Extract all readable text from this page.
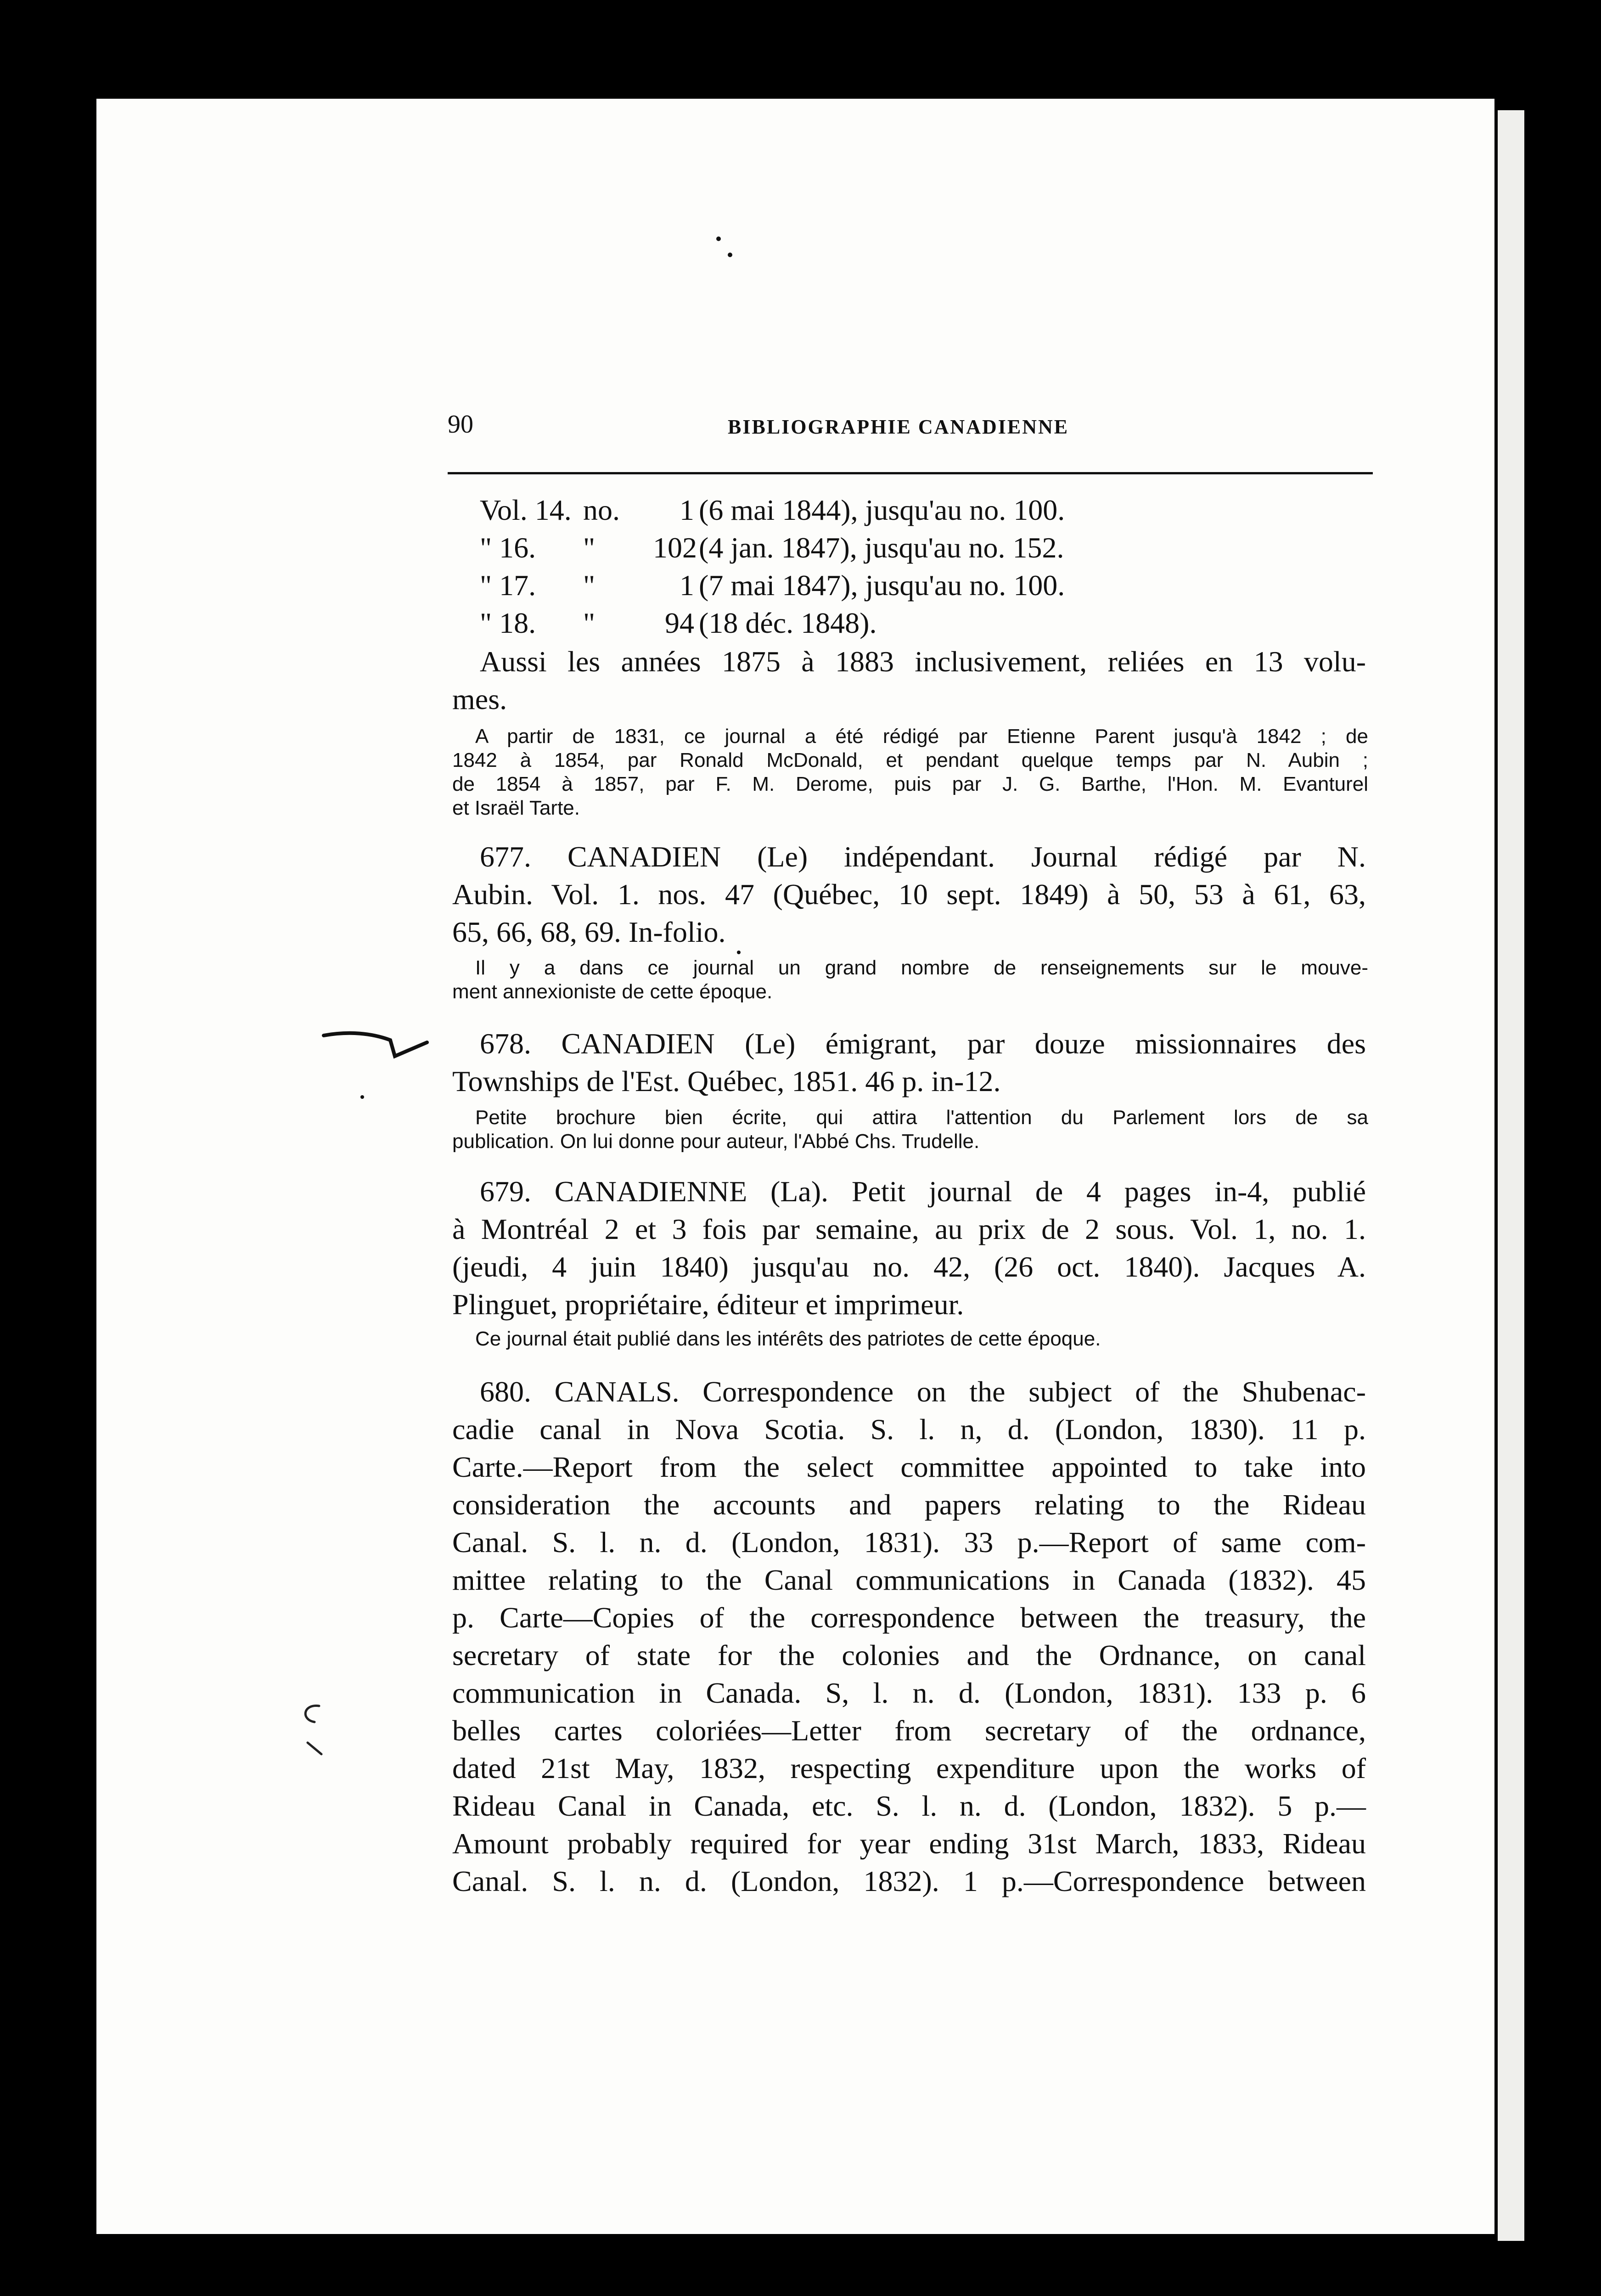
90	BIBLIOGRAPHIE CANADIENNE
Vol. 14. no.	1 (6 mai 1844), jusqu'au no. 100.
" 16. " 102 (4 jan. 1847), jusqu'au no. 152.
" 17. "	1 (7 mai 1847), jusqu'au no. 100.
" 18. "	94 (18 déc. 1848).
Aussi les années 1875 à 1883 inclusivement, reliées en 13 volu-
mes.
A partir de 1831, ce journal a été rédigé par Etienne Parent jusqu'à 1842 ; de
1842 à 1854, par Ronald McDonald, et pendant quelque temps par N. Aubin ;
de 1854 à 1857, par F. M. Derome, puis par J. G. Barthe, l'Hon. M. Evanturel
et Israël Tarte.
677. CANADIEN (Le) indépendant. Journal rédigé par N.
Aubin. Vol. 1. nos. 47 (Québec, 10 sept. 1849) à 50, 53 à 61, 63,
65, 66, 68, 69. In-folio.
Il y a dans ce journal un grand nombre de renseignements sur le mouve-
ment annexioniste de cette époque.
678. CANADIEN (Le) émigrant, par douze missionnaires des
Townships de l'Est. Québec, 1851. 46 p. in-12.
Petite brochure bien écrite, qui attira l'attention du Parlement lors de sa
publication. On lui donne pour auteur, l'Abbé Chs. Trudelle.
679. CANADIENNE (La). Petit journal de 4 pages in-4, publié
à Montréal 2 et 3 fois par semaine, au prix de 2 sous. Vol. 1, no. 1.
(jeudi, 4 juin 1840) jusqu'au no. 42, (26 oct. 1840). Jacques A.
Plinguet, propriétaire, éditeur et imprimeur.
Ce journal était publié dans les intérêts des patriotes de cette époque.
680. CANALS. Correspondence on the subject of the Shubenac-
cadie canal in Nova Scotia. S. l. n, d. (London, 1830). 11 p.
Carte.—Report from the select committee appointed to take into
consideration the accounts and papers relating to the Rideau
Canal. S. l. n. d. (London, 1831). 33 p.—Report of same com-
mittee relating to the Canal communications in Canada (1832). 45
p. Carte—Copies of the correspondence between the treasury, the
secretary of state for the colonies and the Ordnance, on canal
communication in Canada. S, l. n. d. (London, 1831). 133 p. 6
belles cartes coloriées—Letter from secretary of the ordnance,
dated 21st May, 1832, respecting expenditure upon the works of
Rideau Canal in Canada, etc. S. l. n. d. (London, 1832). 5 p.—
Amount probably required for year ending 31st March, 1833, Rideau
Canal. S. l. n. d. (London, 1832). 1 p.—Correspondence between
